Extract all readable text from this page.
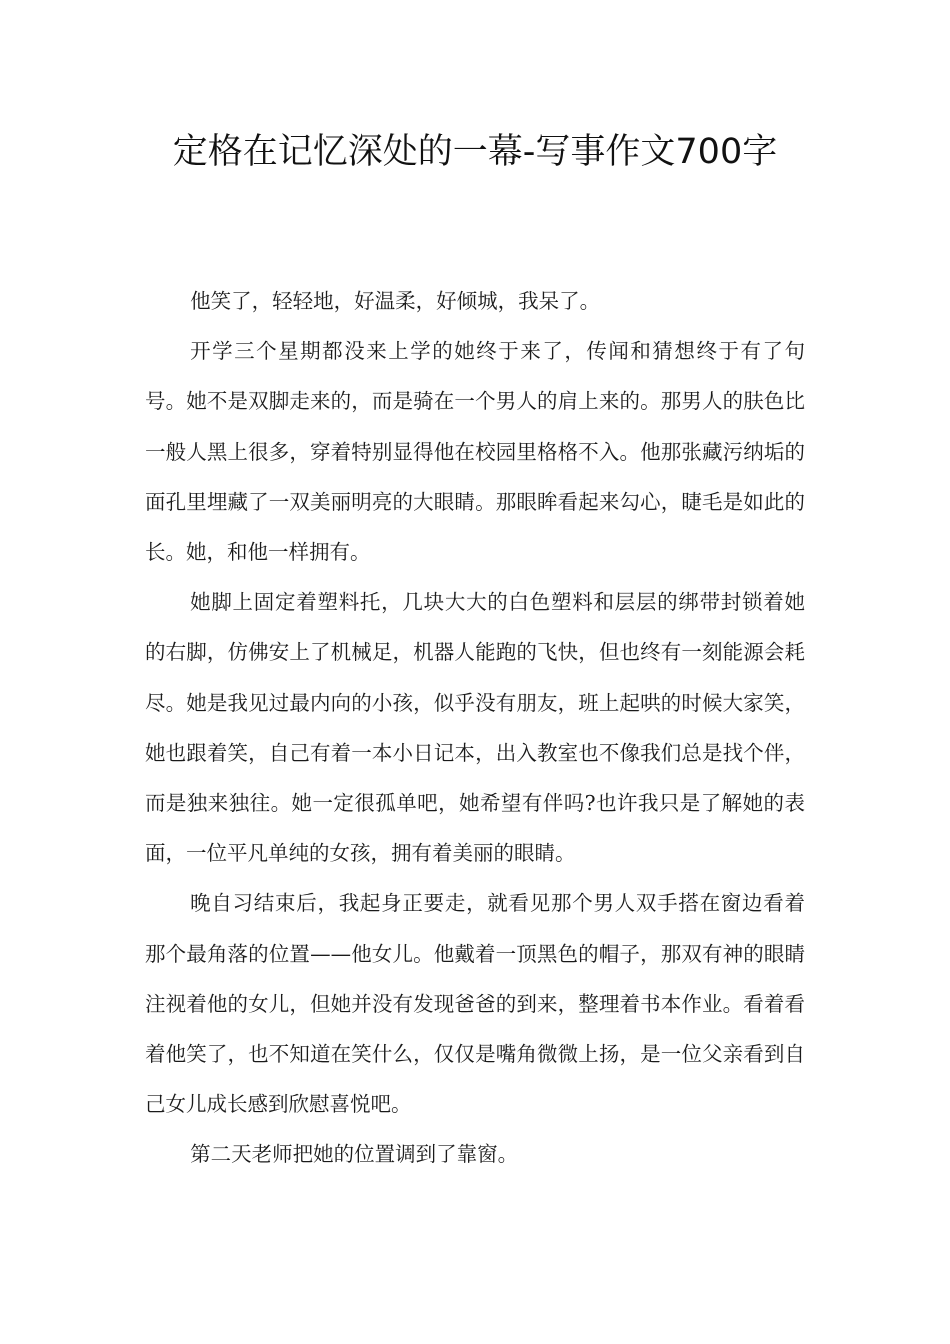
定格在记忆深处的一幕-写事作文700字

他笑了，轻轻地，好温柔，好倾城，我呆了。

开学三个星期都没来上学的她终于来了，传闻和猜想终于有了句号。她不是双脚走来的，而是骑在一个男人的肩上来的。那男人的肤色比一般人黑上很多，穿着特别显得他在校园里格格不入。他那张藏污纳垢的面孔里埋藏了一双美丽明亮的大眼睛。那眼眸看起来勾心，睫毛是如此的长。她，和他一样拥有。

她脚上固定着塑料托，几块大大的白色塑料和层层的绑带封锁着她的右脚，仿佛安上了机械足，机器人能跑的飞快，但也终有一刻能源会耗尽。她是我见过最内向的小孩，似乎没有朋友，班上起哄的时候大家笑，她也跟着笑，自己有着一本小日记本，出入教室也不像我们总是找个伴，而是独来独往。她一定很孤单吧，她希望有伴吗?也许我只是了解她的表面，一位平凡单纯的女孩，拥有着美丽的眼睛。

晚自习结束后，我起身正要走，就看见那个男人双手搭在窗边看着那个最角落的位置——他女儿。他戴着一顶黑色的帽子，那双有神的眼睛注视着他的女儿，但她并没有发现爸爸的到来，整理着书本作业。看着看着他笑了，也不知道在笑什么，仅仅是嘴角微微上扬，是一位父亲看到自己女儿成长感到欣慰喜悦吧。

第二天老师把她的位置调到了靠窗。
